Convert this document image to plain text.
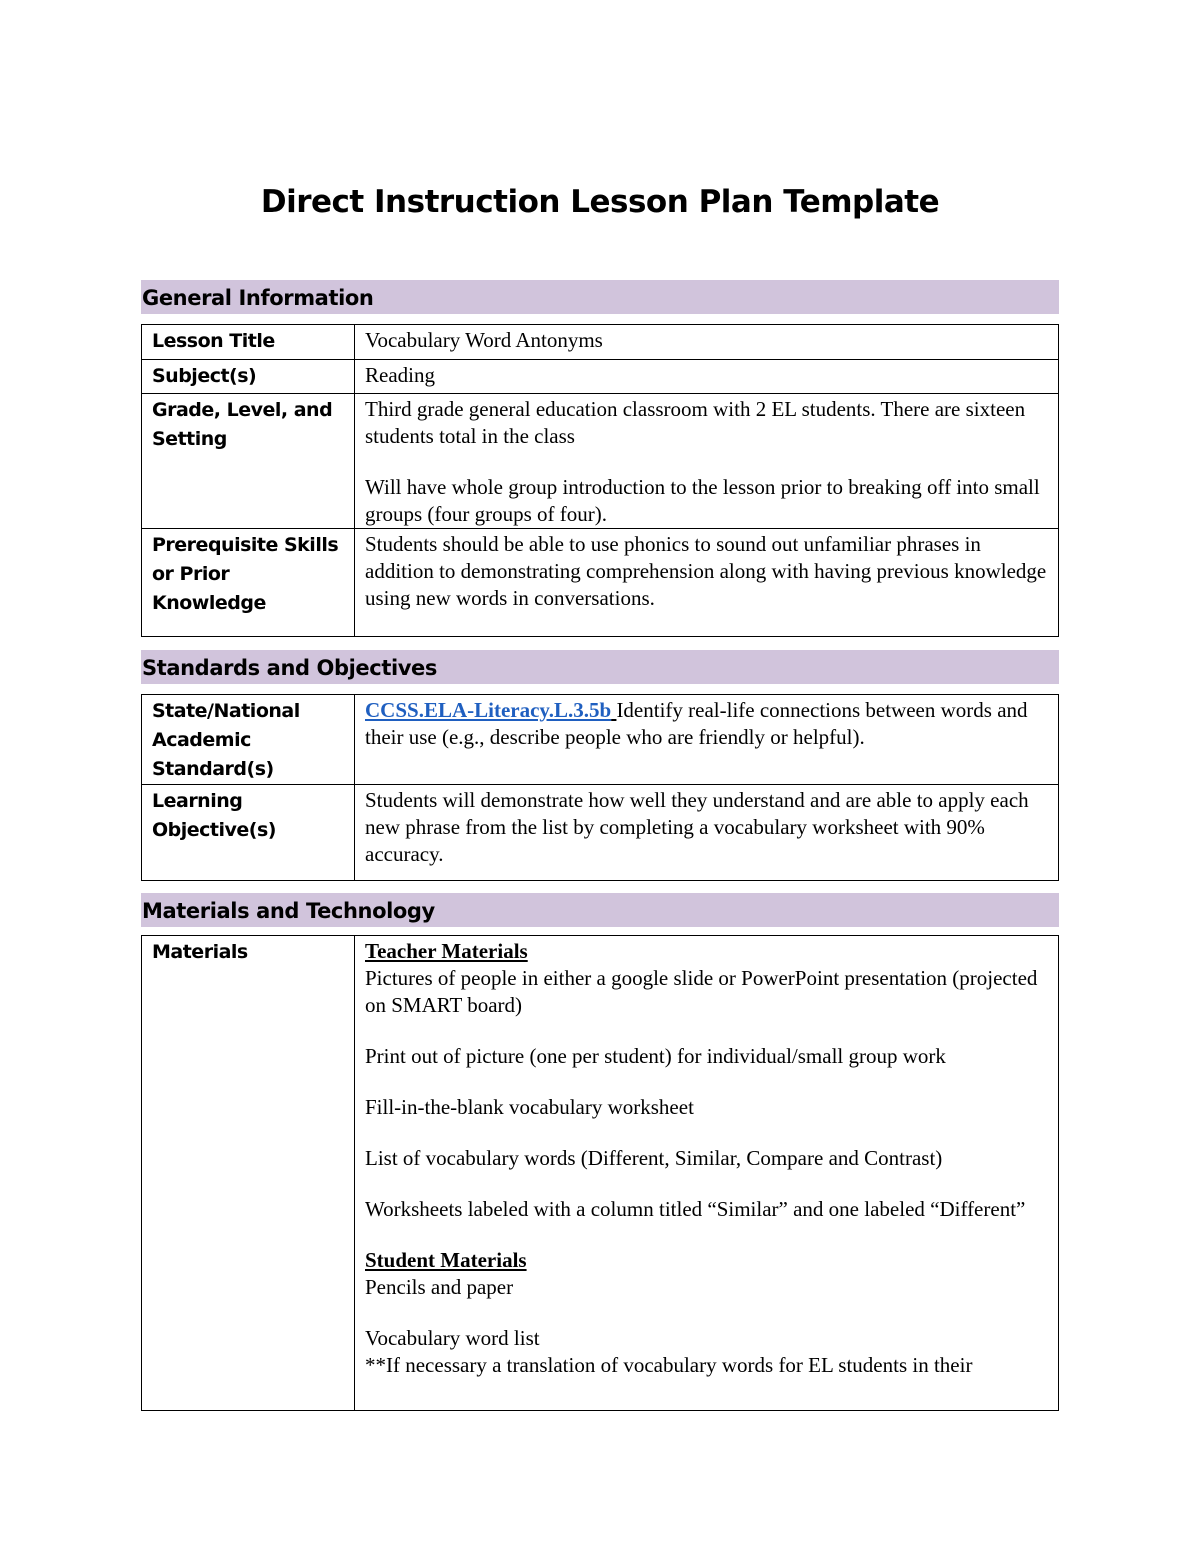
Direct Instruction Lesson Plan Template
General Information
Lesson Title	Vocabulary Word Antonyms
Subject(s)	Reading
Grade, Level, and Setting	Third grade general education classroom with 2 EL students. There are sixteen students total in the class

Will have whole group introduction to the lesson prior to breaking off into small groups (four groups of four).

Prerequisite Skills or Prior Knowledge	Students should be able to use phonics to sound out unfamiliar phrases in addition to demonstrating comprehension along with having previous knowledge using new words in conversations.
Standards and Objectives
State/National Academic Standard(s)	CCSS.ELA-Literacy.L.3.5b Identify real-life connections between words and their use (e.g., describe people who are friendly or helpful).
Learning Objective(s)	Students will demonstrate how well they understand and are able to apply each new phrase from the list by completing a vocabulary worksheet with 90% accuracy.
Materials and Technology
Materials	Teacher Materials

Pictures of people in either a google slide or PowerPoint presentation (projected on SMART board)

Print out of picture (one per student) for individual/small group work

Fill-in-the-blank vocabulary worksheet

List of vocabulary words (Different, Similar, Compare and Contrast)

Worksheets labeled with a column titled “Similar” and one labeled “Different”

Student Materials

Pencils and paper

Vocabulary word list

**If necessary a translation of vocabulary words for EL students in their
